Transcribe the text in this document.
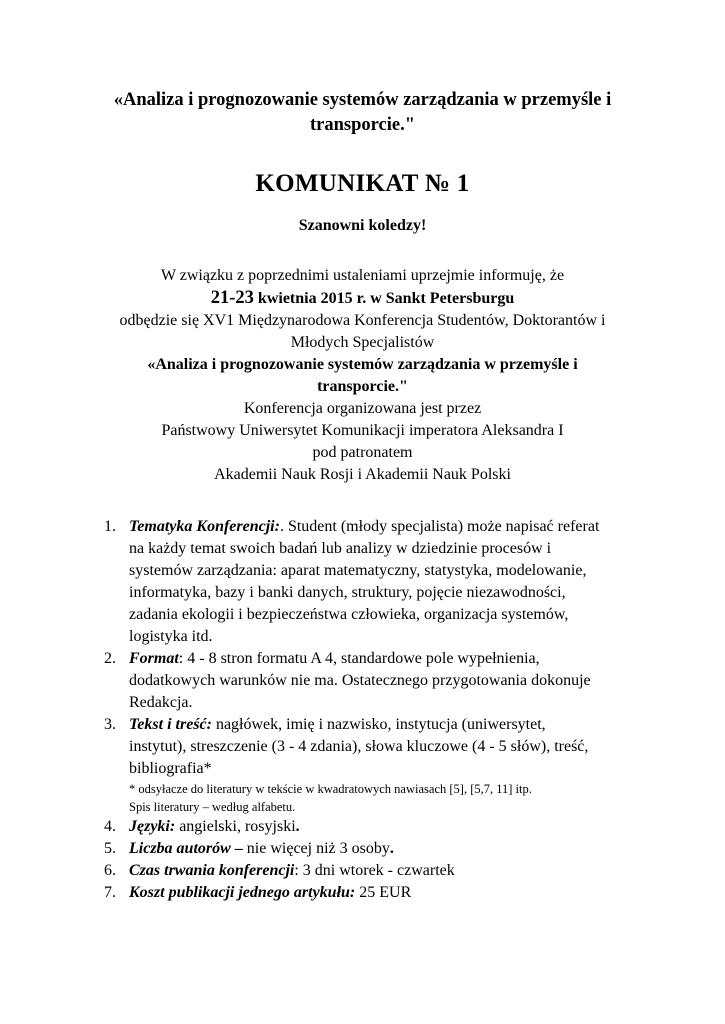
«Analiza i prognozowanie systemów zarządzania w przemyśle i
transporcie."
KOMUNIKAT № 1
Szanowni koledzy!
W związku z poprzednimi ustaleniami uprzejmie informuję, że
21-23 kwietnia 2015 r. w Sankt Petersburgu
odbędzie się XV1 Międzynarodowa Konferencja Studentów, Doktorantów i
Młodych Specjalistów
«Analiza i prognozowanie systemów zarządzania w przemyśle i
transporcie."
Konferencja organizowana jest przez
Państwowy Uniwersytet Komunikacji imperatora Aleksandra I
pod patronatem
Akademii Nauk Rosji i Akademii Nauk Polski
1. Tematyka Konferencji:. Student (młody specjalista) może napisać referat
na każdy temat swoich badań lub analizy w dziedzinie procesów i
systemów zarządzania: aparat matematyczny, statystyka, modelowanie,
informatyka, bazy i banki danych, struktury, pojęcie niezawodności,
zadania ekologii i bezpieczeństwa człowieka, organizacja systemów,
logistyka itd.
2. Format: 4 - 8 stron formatu A 4, standardowe pole wypełnienia,
dodatkowych warunków nie ma. Ostatecznego przygotowania dokonuje
Redakcja.
3. Tekst i treść: nagłówek, imię i nazwisko, instytucja (uniwersytet,
instytut), streszczenie (3 - 4 zdania), słowa kluczowe (4 - 5 słów), treść,
bibliografia*

* odsyłacze do literatury w tekście w kwadratowych nawiasach [5], [5,7, 11] itp.
Spis literatury – według alfabetu.

4. Języki: angielski, rosyjski.
5. Liczba autorów – nie więcej niż 3 osoby.
6. Czas trwania konferencji: 3 dni wtorek - czwartek
7. Koszt publikacji jednego artykułu: 25 EUR
